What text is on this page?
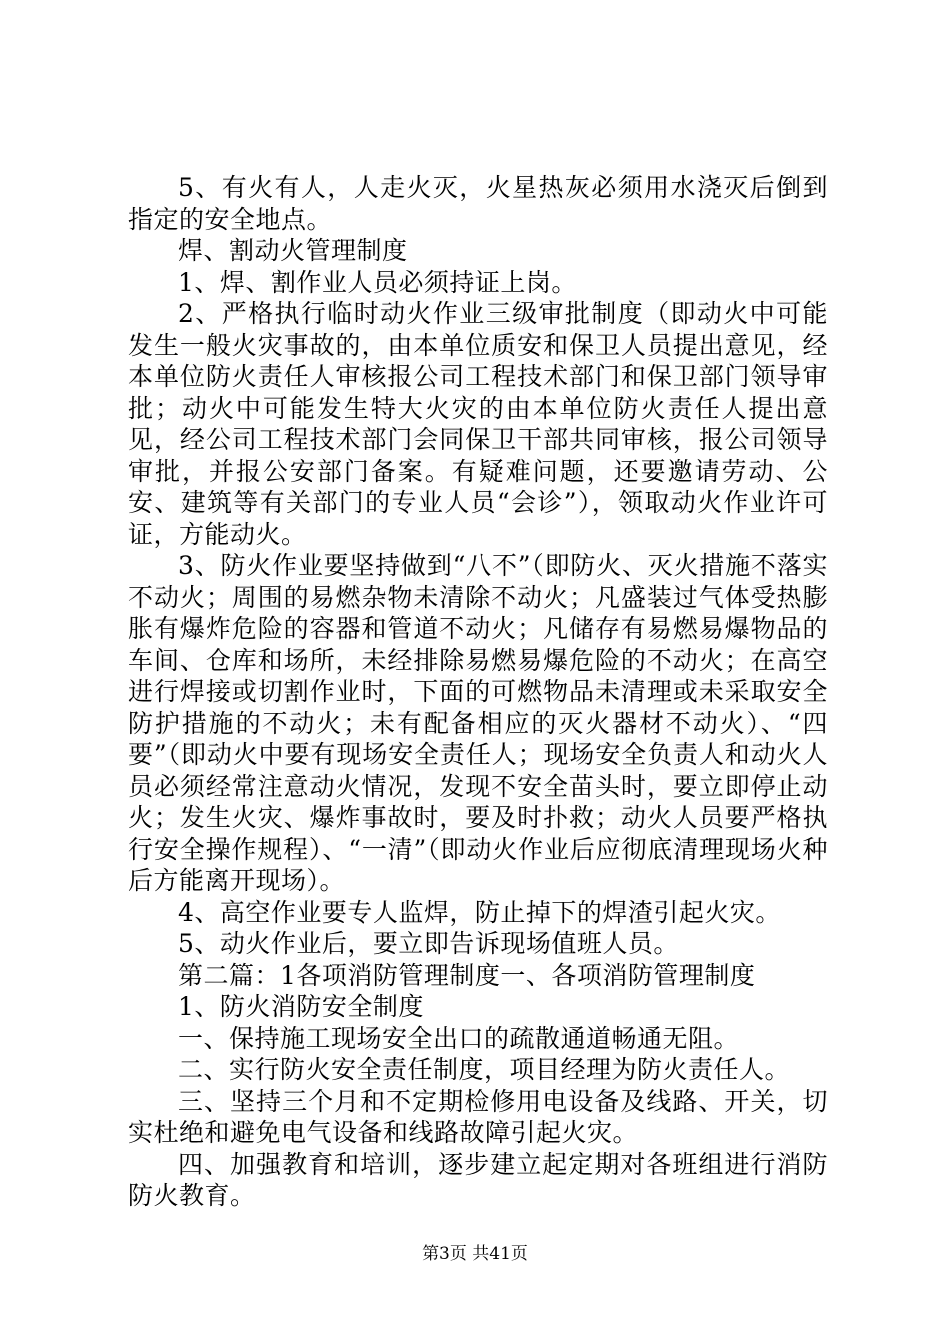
5、有火有人，人走火灭，火星热灰必须用水浇灭后倒到指定的安全地点。

焊、割动火管理制度

1、焊、割作业人员必须持证上岗。

2、严格执行临时动火作业三级审批制度（即动火中可能发生一般火灾事故的，由本单位质安和保卫人员提出意见，经本单位防火责任人审核报公司工程技术部门和保卫部门领导审批；动火中可能发生特大火灾的由本单位防火责任人提出意见，经公司工程技术部门会同保卫干部共同审核，报公司领导审批，并报公安部门备案。有疑难问题，还要邀请劳动、公安、建筑等有关部门的专业人员“会诊”），领取动火作业许可证，方能动火。

3、防火作业要坚持做到“八不”（即防火、灭火措施不落实不动火；周围的易燃杂物未清除不动火；凡盛装过气体受热膨胀有爆炸危险的容器和管道不动火；凡储存有易燃易爆物品的车间、仓库和场所，未经排除易燃易爆危险的不动火；在高空进行焊接或切割作业时，下面的可燃物品未清理或未采取安全防护措施的不动火；未有配备相应的灭火器材不动火）、“四要”（即动火中要有现场安全责任人；现场安全负责人和动火人员必须经常注意动火情况，发现不安全苗头时，要立即停止动火；发生火灾、爆炸事故时，要及时扑救；动火人员要严格执行安全操作规程）、“一清”（即动火作业后应彻底清理现场火种后方能离开现场）。

4、高空作业要专人监焊，防止掉下的焊渣引起火灾。

5、动火作业后，要立即告诉现场值班人员。

第二篇：1各项消防管理制度一、各项消防管理制度

1、防火消防安全制度

一、保持施工现场安全出口的疏散通道畅通无阻。

二、实行防火安全责任制度，项目经理为防火责任人。

三、坚持三个月和不定期检修用电设备及线路、开关，切实杜绝和避免电气设备和线路故障引起火灾。

四、加强教育和培训，逐步建立起定期对各班组进行消防防火教育。

第3页 共41页
